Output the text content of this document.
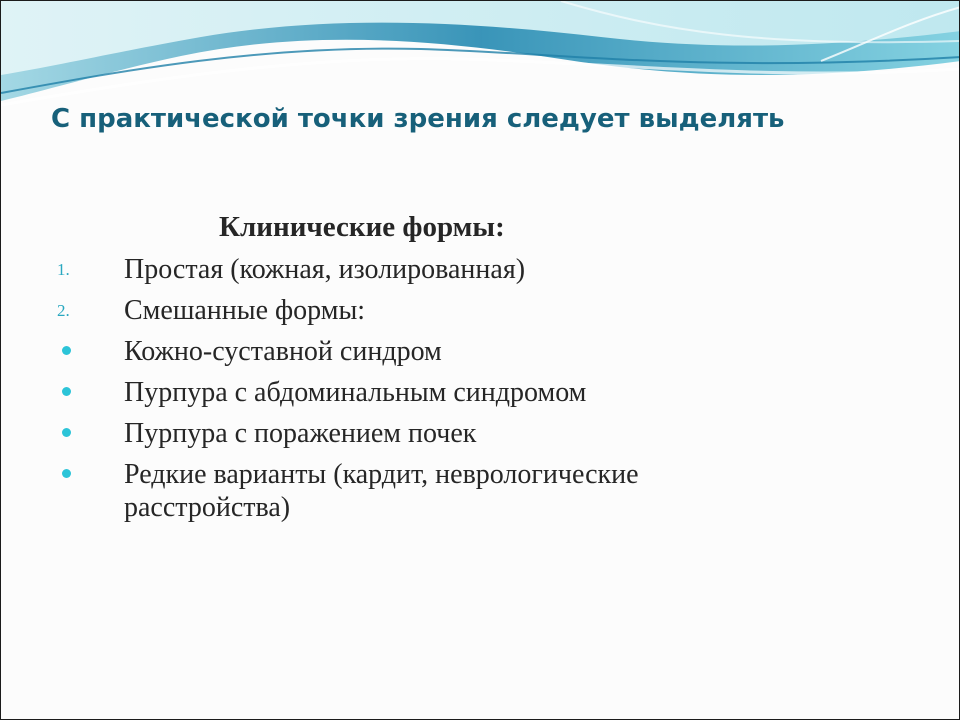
С практической точки зрения следует выделять
Клинические формы:
1.	Простая (кожная, изолированная)
2.	Смешанные формы:
Кожно-суставной синдром
Пурпура с абдоминальным синдромом
Пурпура с поражением почек
Редкие варианты (кардит, неврологические расстройства)
